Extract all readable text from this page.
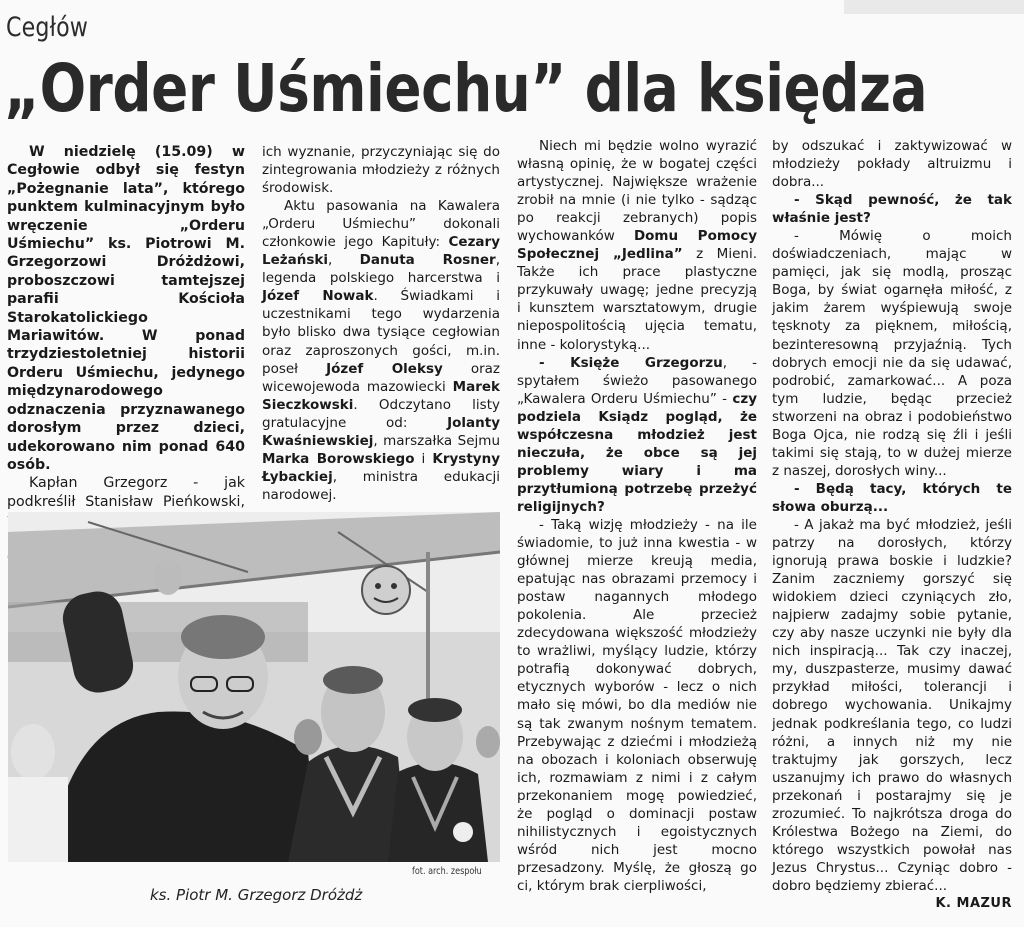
Cegłów
„Order Uśmiechu” dla księdza

W niedzielę (15.09) w Cegłowie odbył się festyn „Pożegnanie lata”, którego punktem kulminacyjnym było wręczenie „Orderu Uśmiechu” ks. Piotrowi M. Grzegorzowi Dróżdżowi, proboszczowi tamtejszej parafii Kościoła Starokatolickiego Mariawitów. W ponad trzydziestoletniej historii Orderu Uśmiechu, jedynego międzynarodowego odznaczenia przyznawanego dorosłym przez dzieci, udekorowano nim ponad 640 osób.

Kapłan Grzegorz - jak podkreślił Stanisław Pieńkowski,

ich wyznanie, przyczyniając się do zintegrowania młodzieży z różnych środowisk.

Aktu pasowania na Kawalera „Orderu Uśmiechu” dokonali członkowie jego Kapituły: Cezary Leżański, Danuta Rosner, legenda polskiego harcerstwa i Józef Nowak. Świadkami i uczestnikami tego wydarzenia było blisko dwa tysiące cegłowian oraz zaproszonych gości, m.in. poseł Józef Oleksy oraz wicewojewoda mazowiecki Marek Sieczkowski. Odczytano listy gratulacyjne od: Jolanty Kwaśniewskiej, marszałka Sejmu Marka Borowskiego i Krystyny Łybackiej, ministra edukacji narodowej.

Niech mi będzie wolno wyrazić własną opinię, że w bogatej części artystycznej. Największe wrażenie zrobił na mnie (i nie tylko - sądząc po reakcji zebranych) popis wychowanków Domu Pomocy Społecznej „Jedlina” z Mieni. Także ich prace plastyczne przykuwały uwagę; jedne precyzją i kunsztem warsztatowym, drugie niepospolitością ujęcia tematu, inne - kolorystyką...

- Księże Grzegorzu, - spytałem świeżo pasowanego „Kawalera Orderu Uśmiechu” - czy podziela Ksiądz pogląd, że współczesna młodzież jest nieczuła, że obce są jej problemy wiary i ma przytłumioną potrzebę przeżyć religijnych?

- Taką wizję młodzieży - na ile świadomie, to już inna kwestia - w głównej mierze kreują media, epatując nas obrazami przemocy i postaw nagannych młodego pokolenia. Ale przecież zdecydowana większość młodzieży to wrażliwi, myślący ludzie, którzy potrafią dokonywać dobrych, etycznych wyborów - lecz o nich mało się mówi, bo dla mediów nie są tak zwanym nośnym tematem. Przebywając z dziećmi i młodzieżą na obozach i koloniach obserwuję ich, rozmawiam z nimi i z całym przekonaniem mogę powiedzieć, że pogląd o dominacji postaw nihilistycznych i egoistycznych wśród nich jest mocno przesadzony. Myślę, że głoszą go ci, którym brak cierpliwości,

by odszukać i zaktywizować w młodzieży pokłady altruizmu i dobra...

- Skąd pewność, że tak właśnie jest?

- Mówię o moich doświadczeniach, mając w pamięci, jak się modlą, prosząc Boga, by świat ogarnęła miłość, z jakim żarem wyśpiewują swoje tęsknoty za pięknem, miłością, bezinteresowną przyjaźnią. Tych dobrych emocji nie da się udawać, podrobić, zamarkować... A poza tym ludzie, będąc przecież stworzeni na obraz i podobieństwo Boga Ojca, nie rodzą się źli i jeśli takimi się stają, to w dużej mierze z naszej, dorosłych winy...

- Będą tacy, których te słowa oburzą...

- A jakaż ma być młodzież, jeśli patrzy na dorosłych, którzy ignorują prawa boskie i ludzkie? Zanim zaczniemy gorszyć się widokiem dzieci czyniących zło, najpierw zadajmy sobie pytanie, czy aby nasze uczynki nie były dla nich inspiracją... Tak czy inaczej, my, duszpasterze, musimy dawać przykład miłości, tolerancji i dobrego wychowania. Unikajmy jednak podkreślania tego, co ludzi różni, a innych niż my nie traktujmy jak gorszych, lecz uszanujmy ich prawo do własnych przekonań i postarajmy się je zrozumieć. To najkrótsza droga do Królestwa Bożego na Ziemi, do którego wszystkich powołał nas Jezus Chrystus... Czyniąc dobro - dobro będziemy zbierać...

fot. arch. zespołu
ks. Piotr M. Grzegorz Dróżdż	K. MAZUR
